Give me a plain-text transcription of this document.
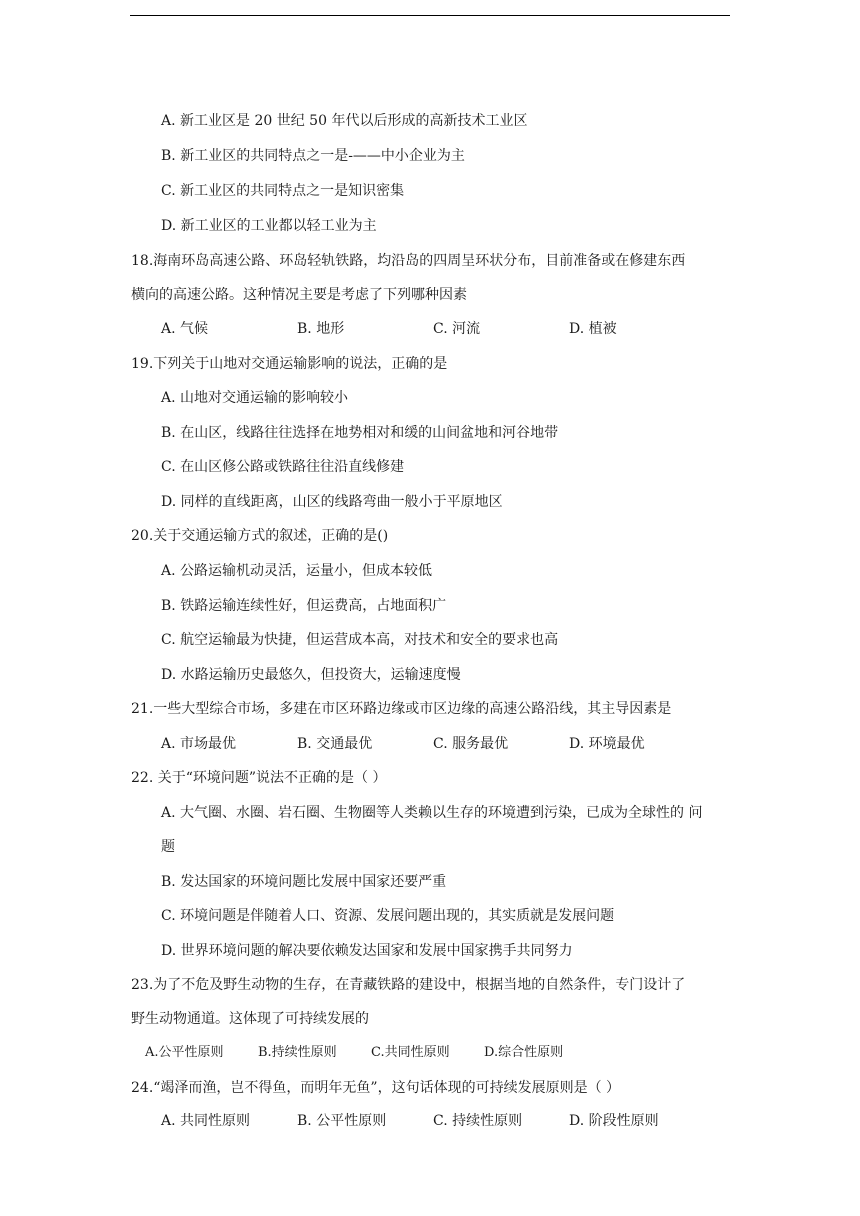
A. 新工业区是 20 世纪 50 年代以后形成的高新技术工业区
B. 新工业区的共同特点之一是-——中小企业为主
C. 新工业区的共同特点之一是知识密集
D. 新工业区的工业都以轻工业为主
18.海南环岛高速公路、环岛轻轨铁路，均沿岛的四周呈环状分布，目前准备或在修建东西
横向的高速公路。这种情况主要是考虑了下列哪种因素
A. 气候	B. 地形	C. 河流	D. 植被
19.下列关于山地对交通运输影响的说法，正确的是
A. 山地对交通运输的影响较小
B. 在山区，线路往往选择在地势相对和缓的山间盆地和河谷地带
C. 在山区修公路或铁路往往沿直线修建
D. 同样的直线距离，山区的线路弯曲一般小于平原地区
20.关于交通运输方式的叙述，正确的是()
A. 公路运输机动灵活，运量小，但成本较低
B. 铁路运输连续性好，但运费高，占地面积广
C. 航空运输最为快捷，但运营成本高，对技术和安全的要求也高
D. 水路运输历史最悠久，但投资大，运输速度慢
21.一些大型综合市场，多建在市区环路边缘或市区边缘的高速公路沿线，其主导因素是
A. 市场最优	B. 交通最优	C. 服务最优	D. 环境最优
22. 关于“环境问题”说法不正确的是（ ）
A. 大气圈、水圈、岩石圈、生物圈等人类赖以生存的环境遭到污染，已成为全球性的 问
题
B. 发达国家的环境问题比发展中国家还要严重
C. 环境问题是伴随着人口、资源、发展问题出现的，其实质就是发展问题
D. 世界环境问题的解决要依赖发达国家和发展中国家携手共同努力
23.为了不危及野生动物的生存，在青藏铁路的建设中，根据当地的自然条件，专门设计了
野生动物通道。这体现了可持续发展的
A.公平性原则	B.持续性原则	C.共同性原则	D.综合性原则
24.“竭泽而渔，岂不得鱼，而明年无鱼”，这句话体现的可持续发展原则是（ ）
A. 共同性原则	B. 公平性原则	C. 持续性原则	D. 阶段性原则
